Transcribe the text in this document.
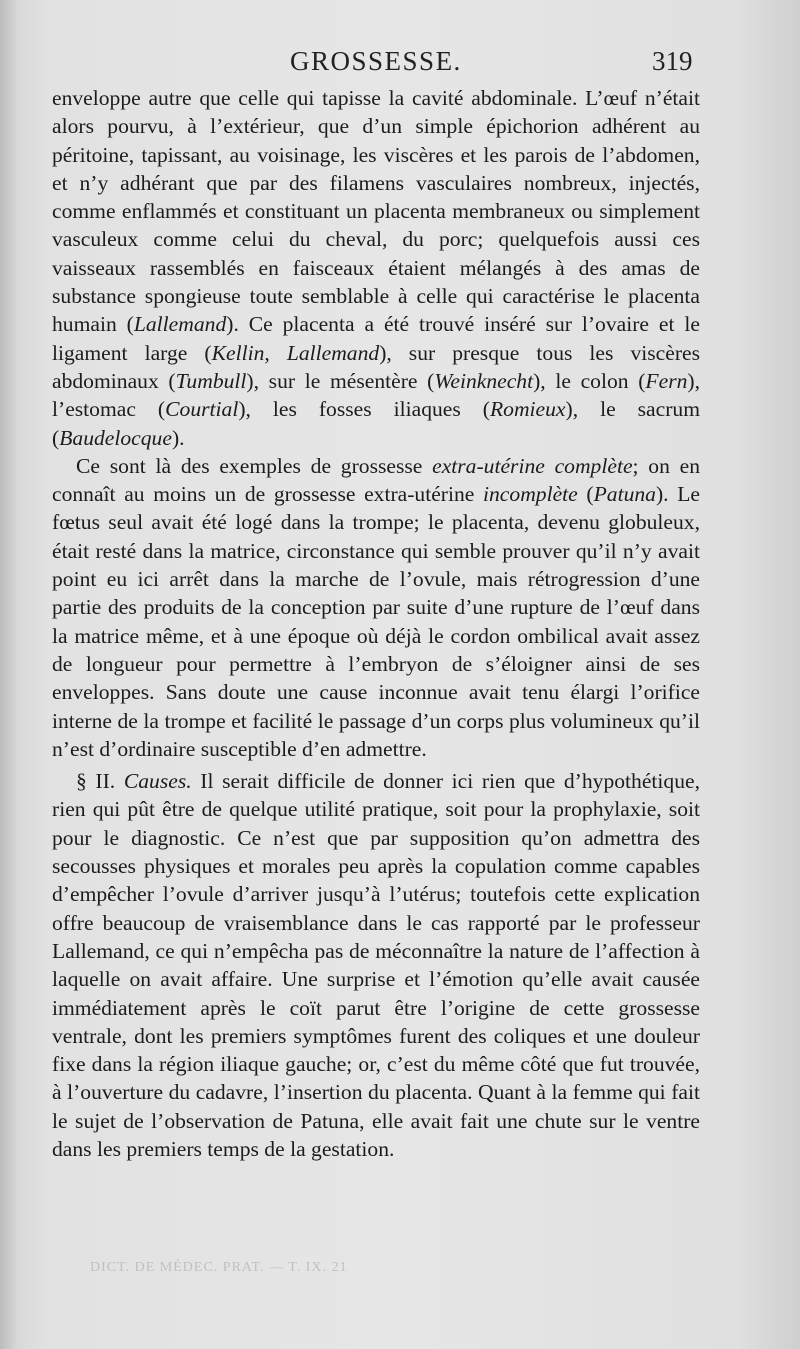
GROSSESSE.	319

enveloppe autre que celle qui tapisse la cavité abdominale. L’œuf n’était alors pourvu, à l’extérieur, que d’un simple épichorion adhérent au péritoine, tapissant, au voisinage, les viscères et les parois de l’abdomen, et n’y adhérant que par des filamens vasculaires nombreux, injectés, comme enflammés et constituant un placenta membraneux ou simplement vasculeux comme celui du cheval, du porc; quelquefois aussi ces vaisseaux rassemblés en faisceaux étaient mélangés à des amas de substance spongieuse toute semblable à celle qui caractérise le placenta humain (Lallemand). Ce placenta a été trouvé inséré sur l’ovaire et le ligament large (Kellin, Lallemand), sur presque tous les viscères abdominaux (Tumbull), sur le mésentère (Weinknecht), le colon (Fern), l’estomac (Courtial), les fosses iliaques (Romieux), le sacrum (Baudelocque).

Ce sont là des exemples de grossesse extra-utérine complète; on en connaît au moins un de grossesse extra-utérine incomplète (Patuna). Le fœtus seul avait été logé dans la trompe; le placenta, devenu globuleux, était resté dans la matrice, circonstance qui semble prouver qu’il n’y avait point eu ici arrêt dans la marche de l’ovule, mais rétrogression d’une partie des produits de la conception par suite d’une rupture de l’œuf dans la matrice même, et à une époque où déjà le cordon ombilical avait assez de longueur pour permettre à l’embryon de s’éloigner ainsi de ses enveloppes. Sans doute une cause inconnue avait tenu élargi l’orifice interne de la trompe et facilité le passage d’un corps plus volumineux qu’il n’est d’ordinaire susceptible d’en admettre.

§ II. Causes. Il serait difficile de donner ici rien que d’hypothétique, rien qui pût être de quelque utilité pratique, soit pour la prophylaxie, soit pour le diagnostic. Ce n’est que par supposition qu’on admettra des secousses physiques et morales peu après la copulation comme capables d’empêcher l’ovule d’arriver jusqu’à l’utérus; toutefois cette explication offre beaucoup de vraisemblance dans le cas rapporté par le professeur Lallemand, ce qui n’empêcha pas de méconnaître la nature de l’affection à laquelle on avait affaire. Une surprise et l’émotion qu’elle avait causée immédiatement après le coït parut être l’origine de cette grossesse ventrale, dont les premiers symptômes furent des coliques et une douleur fixe dans la région iliaque gauche; or, c’est du même côté que fut trouvée, à l’ouverture du cadavre, l’insertion du placenta. Quant à la femme qui fait le sujet de l’observation de Patuna, elle avait fait une chute sur le ventre dans les premiers temps de la gestation.

DICT. DE MÉDEC. PRAT. — T. IX. 21
